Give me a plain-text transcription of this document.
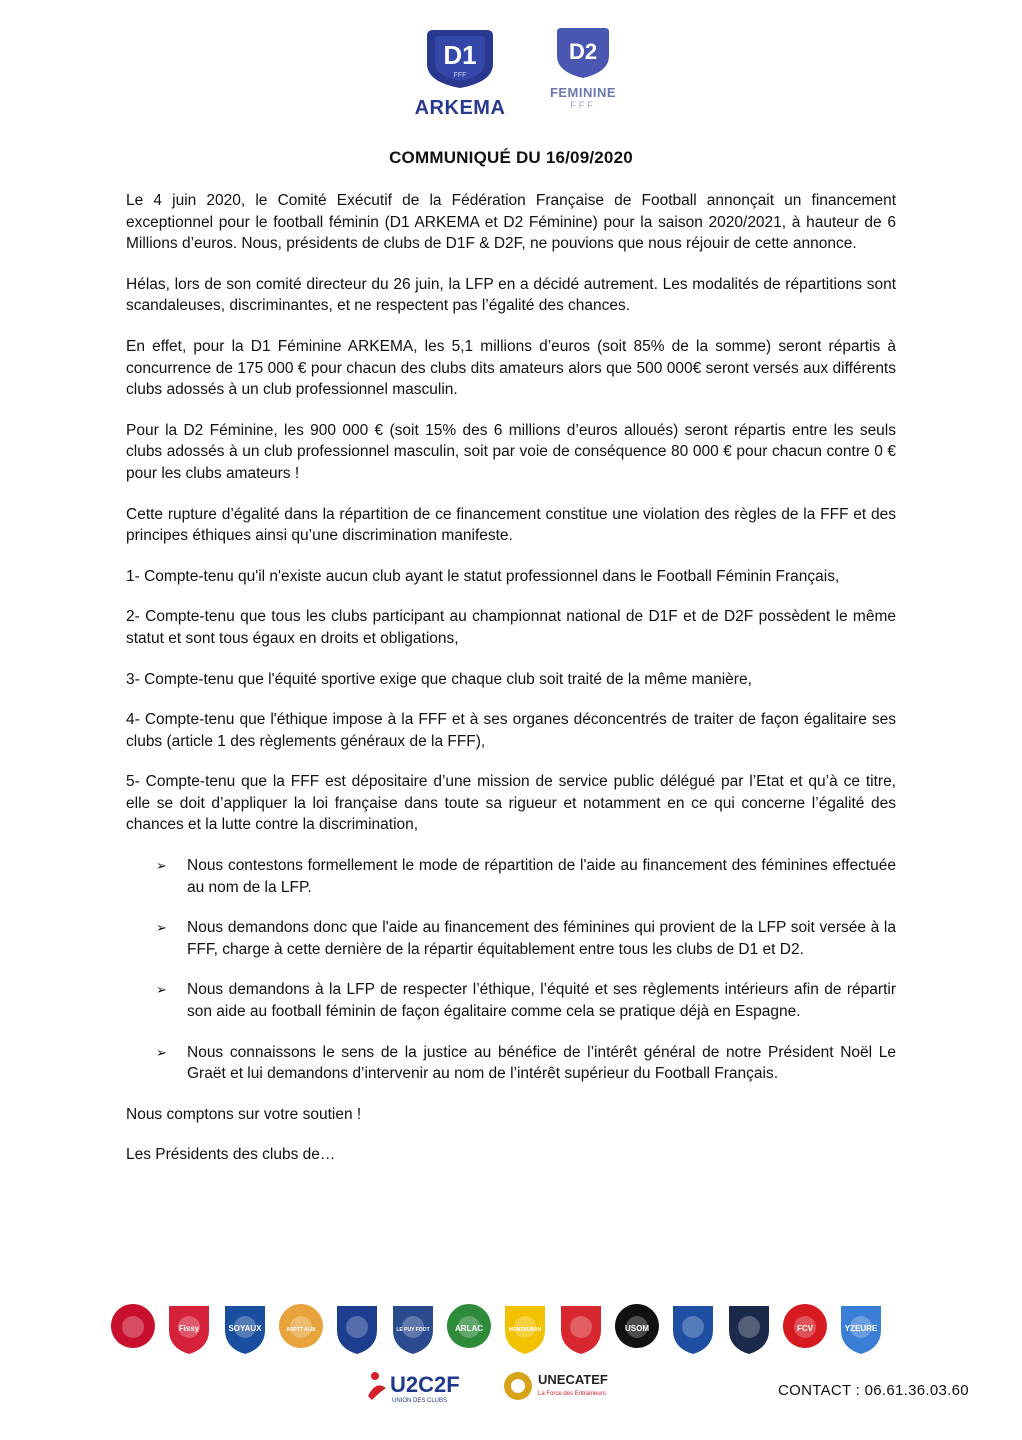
D1
FFF
ARKEMA
D2
FEMININE
FFF
COMMUNIQUÉ DU 16/09/2020

Le 4 juin 2020, le Comité Exécutif de la Fédération Française de Football annonçait un financement exceptionnel pour le football féminin (D1 ARKEMA et D2 Féminine) pour la saison 2020/2021, à hauteur de 6 Millions d’euros. Nous, présidents de clubs de D1F & D2F, ne pouvions que nous réjouir de cette annonce.

Hélas, lors de son comité directeur du 26 juin, la LFP en a décidé autrement. Les modalités de répartitions sont scandaleuses, discriminantes, et ne respectent pas l’égalité des chances.

En effet, pour la D1 Féminine ARKEMA, les 5,1 millions d’euros (soit 85% de la somme) seront répartis à concurrence de 175 000 € pour chacun des clubs dits amateurs alors que 500 000€ seront versés aux différents clubs adossés à un club professionnel masculin.

Pour la D2 Féminine, les 900 000 € (soit 15% des 6 millions d’euros alloués) seront répartis entre les seuls clubs adossés à un club professionnel masculin, soit par voie de conséquence 80 000 € pour chacun contre 0 € pour les clubs amateurs !

Cette rupture d’égalité dans la répartition de ce financement constitue une violation des règles de la FFF et des principes éthiques ainsi qu’une discrimination manifeste.

1- Compte-tenu qu'il n'existe aucun club ayant le statut professionnel dans le Football Féminin Français,

2- Compte-tenu que tous les clubs participant au championnat national de D1F et de D2F possèdent le même statut et sont tous égaux en droits et obligations,

3- Compte-tenu que l'équité sportive exige que chaque club soit traité de la même manière,

4- Compte-tenu que l'éthique impose à la FFF et à ses organes déconcentrés de traiter de façon égalitaire ses clubs (article 1 des règlements généraux de la FFF),

5- Compte-tenu que la FFF est dépositaire d’une mission de service public délégué par l’Etat et qu’à ce titre, elle se doit d’appliquer la loi française dans toute sa rigueur et notamment en ce qui concerne l’égalité des chances et la lutte contre la discrimination,

➢ Nous contestons formellement le mode de répartition de l'aide au financement des féminines effectuée au nom de la LFP.
➢ Nous demandons donc que l'aide au financement des féminines qui provient de la LFP soit versée à la FFF, charge à cette dernière de la répartir équitablement entre tous les clubs de D1 et D2.
➢ Nous demandons à la LFP de respecter l’éthique, l’équité et ses règlements intérieurs afin de répartir son aide au football féminin de façon égalitaire comme cela se pratique déjà en Espagne.
➢ Nous connaissons le sens de la justice au bénéfice de l’intérêt général de notre Président Noël Le Graët et lui demandons d’intervenir au nom de l’intérêt supérieur du Football Français.

Nous comptons sur votre soutien !

Les Présidents des clubs de…

Fissy	SOYAUX	ASPTT ALBI	LE PUY FOOT	ARLAC	MONTAUBAN	USOM	FCV	YZEURE
U2C2F
UNION DES CLUBS
UNECATEF
La Force des Entraîneurs	CONTACT : 06.61.36.03.60
